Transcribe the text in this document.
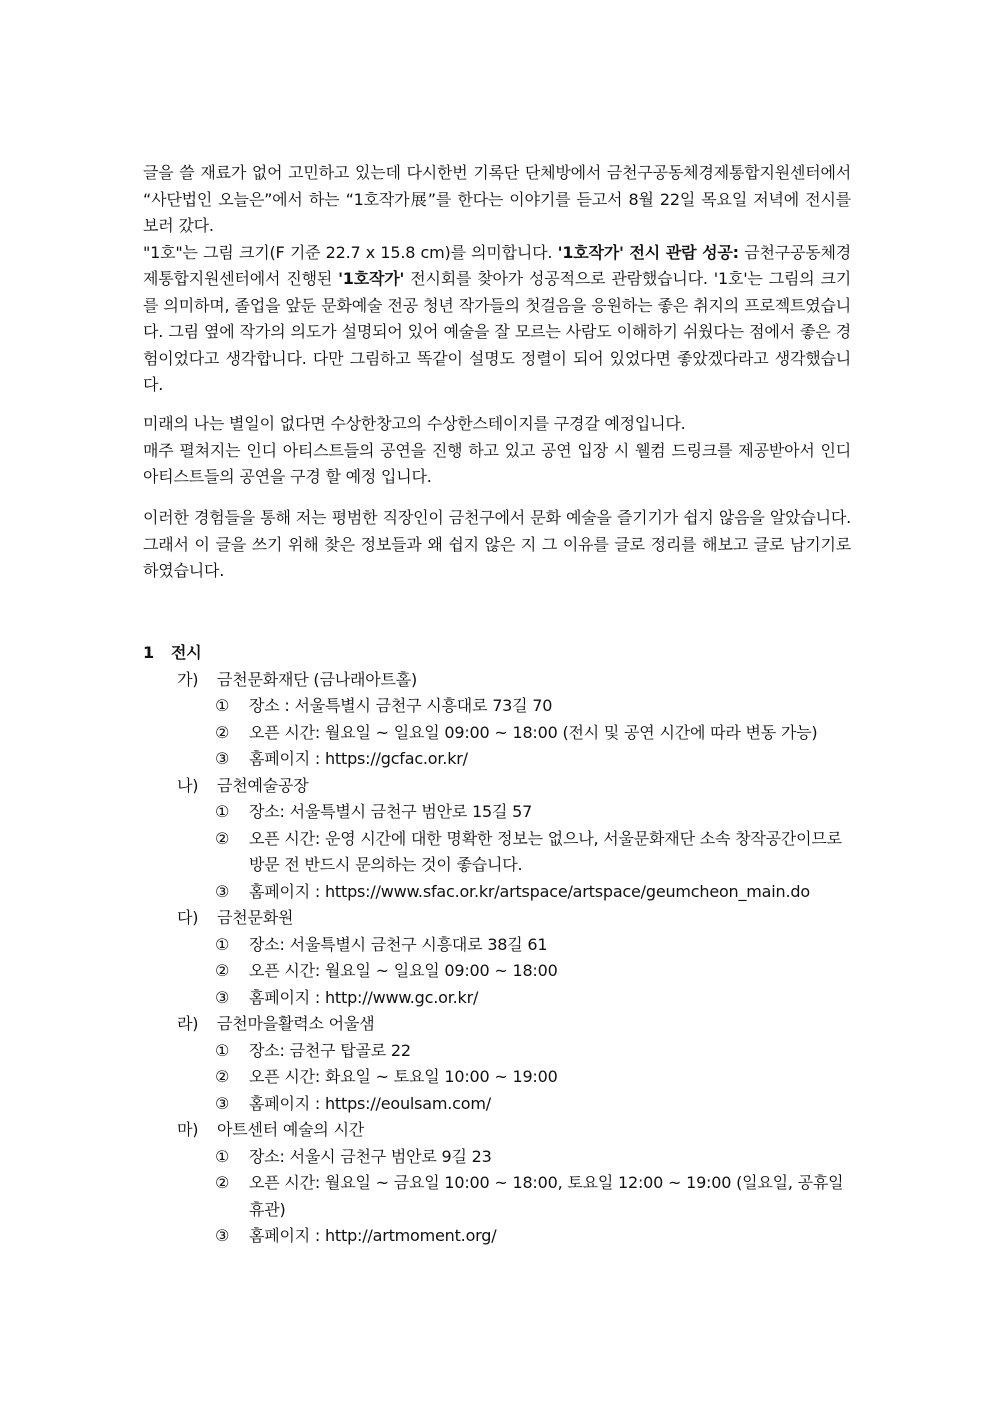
글을 쓸 재료가 없어 고민하고 있는데 다시한번 기록단 단체방에서 금천구공동체경제통합지원센터에서 “사단법인 오늘은”에서 하는 “1호작가展”를 한다는 이야기를 듣고서 8월 22일 목요일 저녁에 전시를 보러 갔다.

"1호"는 그림 크기(F 기준 22.7 x 15.8 cm)를 의미합니다. '1호작가' 전시 관람 성공: 금천구공동체경제통합지원센터에서 진행된 '1호작가' 전시회를 찾아가 성공적으로 관람했습니다. '1호'는 그림의 크기를 의미하며, 졸업을 앞둔 문화예술 전공 청년 작가들의 첫걸음을 응원하는 좋은 취지의 프로젝트였습니다. 그림 옆에 작가의 의도가 설명되어 있어 예술을 잘 모르는 사람도 이해하기 쉬웠다는 점에서 좋은 경험이었다고 생각합니다. 다만 그림하고 똑같이 설명도 정렬이 되어 있었다면 좋았겠다라고 생각했습니다.

미래의 나는 별일이 없다면 수상한창고의 수상한스테이지를 구경갈 예정입니다.

매주 펼쳐지는 인디 아티스트들의 공연을 진행 하고 있고 공연 입장 시 웰컴 드링크를 제공받아서 인디 아티스트들의 공연을 구경 할 예정 입니다.

이러한 경험들을 통해 저는 평범한 직장인이 금천구에서 문화 예술을 즐기기가 쉽지 않음을 알았습니다. 그래서 이 글을 쓰기 위해 찾은 정보들과 왜 쉽지 않은 지 그 이유를 글로 정리를 해보고 글로 남기기로 하였습니다.

1 전시
가) 금천문화재단 (금나래아트홀)
①	장소 : 서울특별시 금천구 시흥대로 73길 70
②	오픈 시간: 월요일 ~ 일요일 09:00 ~ 18:00 (전시 및 공연 시간에 따라 변동 가능)
③	홈페이지 : https://gcfac.or.kr/
나) 금천예술공장
①	장소: 서울특별시 금천구 범안로 15길 57
②	오픈 시간: 운영 시간에 대한 명확한 정보는 없으나, 서울문화재단 소속 창작공간이므로 방문 전 반드시 문의하는 것이 좋습니다.
③	홈페이지 : https://www.sfac.or.kr/artspace/artspace/geumcheon_main.do
다) 금천문화원
①	장소: 서울특별시 금천구 시흥대로 38길 61
②	오픈 시간: 월요일 ~ 일요일 09:00 ~ 18:00
③	홈페이지 : http://www.gc.or.kr/
라) 금천마을활력소 어울샘
①	장소: 금천구 탑골로 22
②	오픈 시간: 화요일 ~ 토요일 10:00 ~ 19:00
③	홈페이지 : https://eoulsam.com/
마) 아트센터 예술의 시간
①	장소: 서울시 금천구 범안로 9길 23
②	오픈 시간: 월요일 ~ 금요일 10:00 ~ 18:00, 토요일 12:00 ~ 19:00 (일요일, 공휴일 휴관)
③	홈페이지 : http://artmoment.org/
